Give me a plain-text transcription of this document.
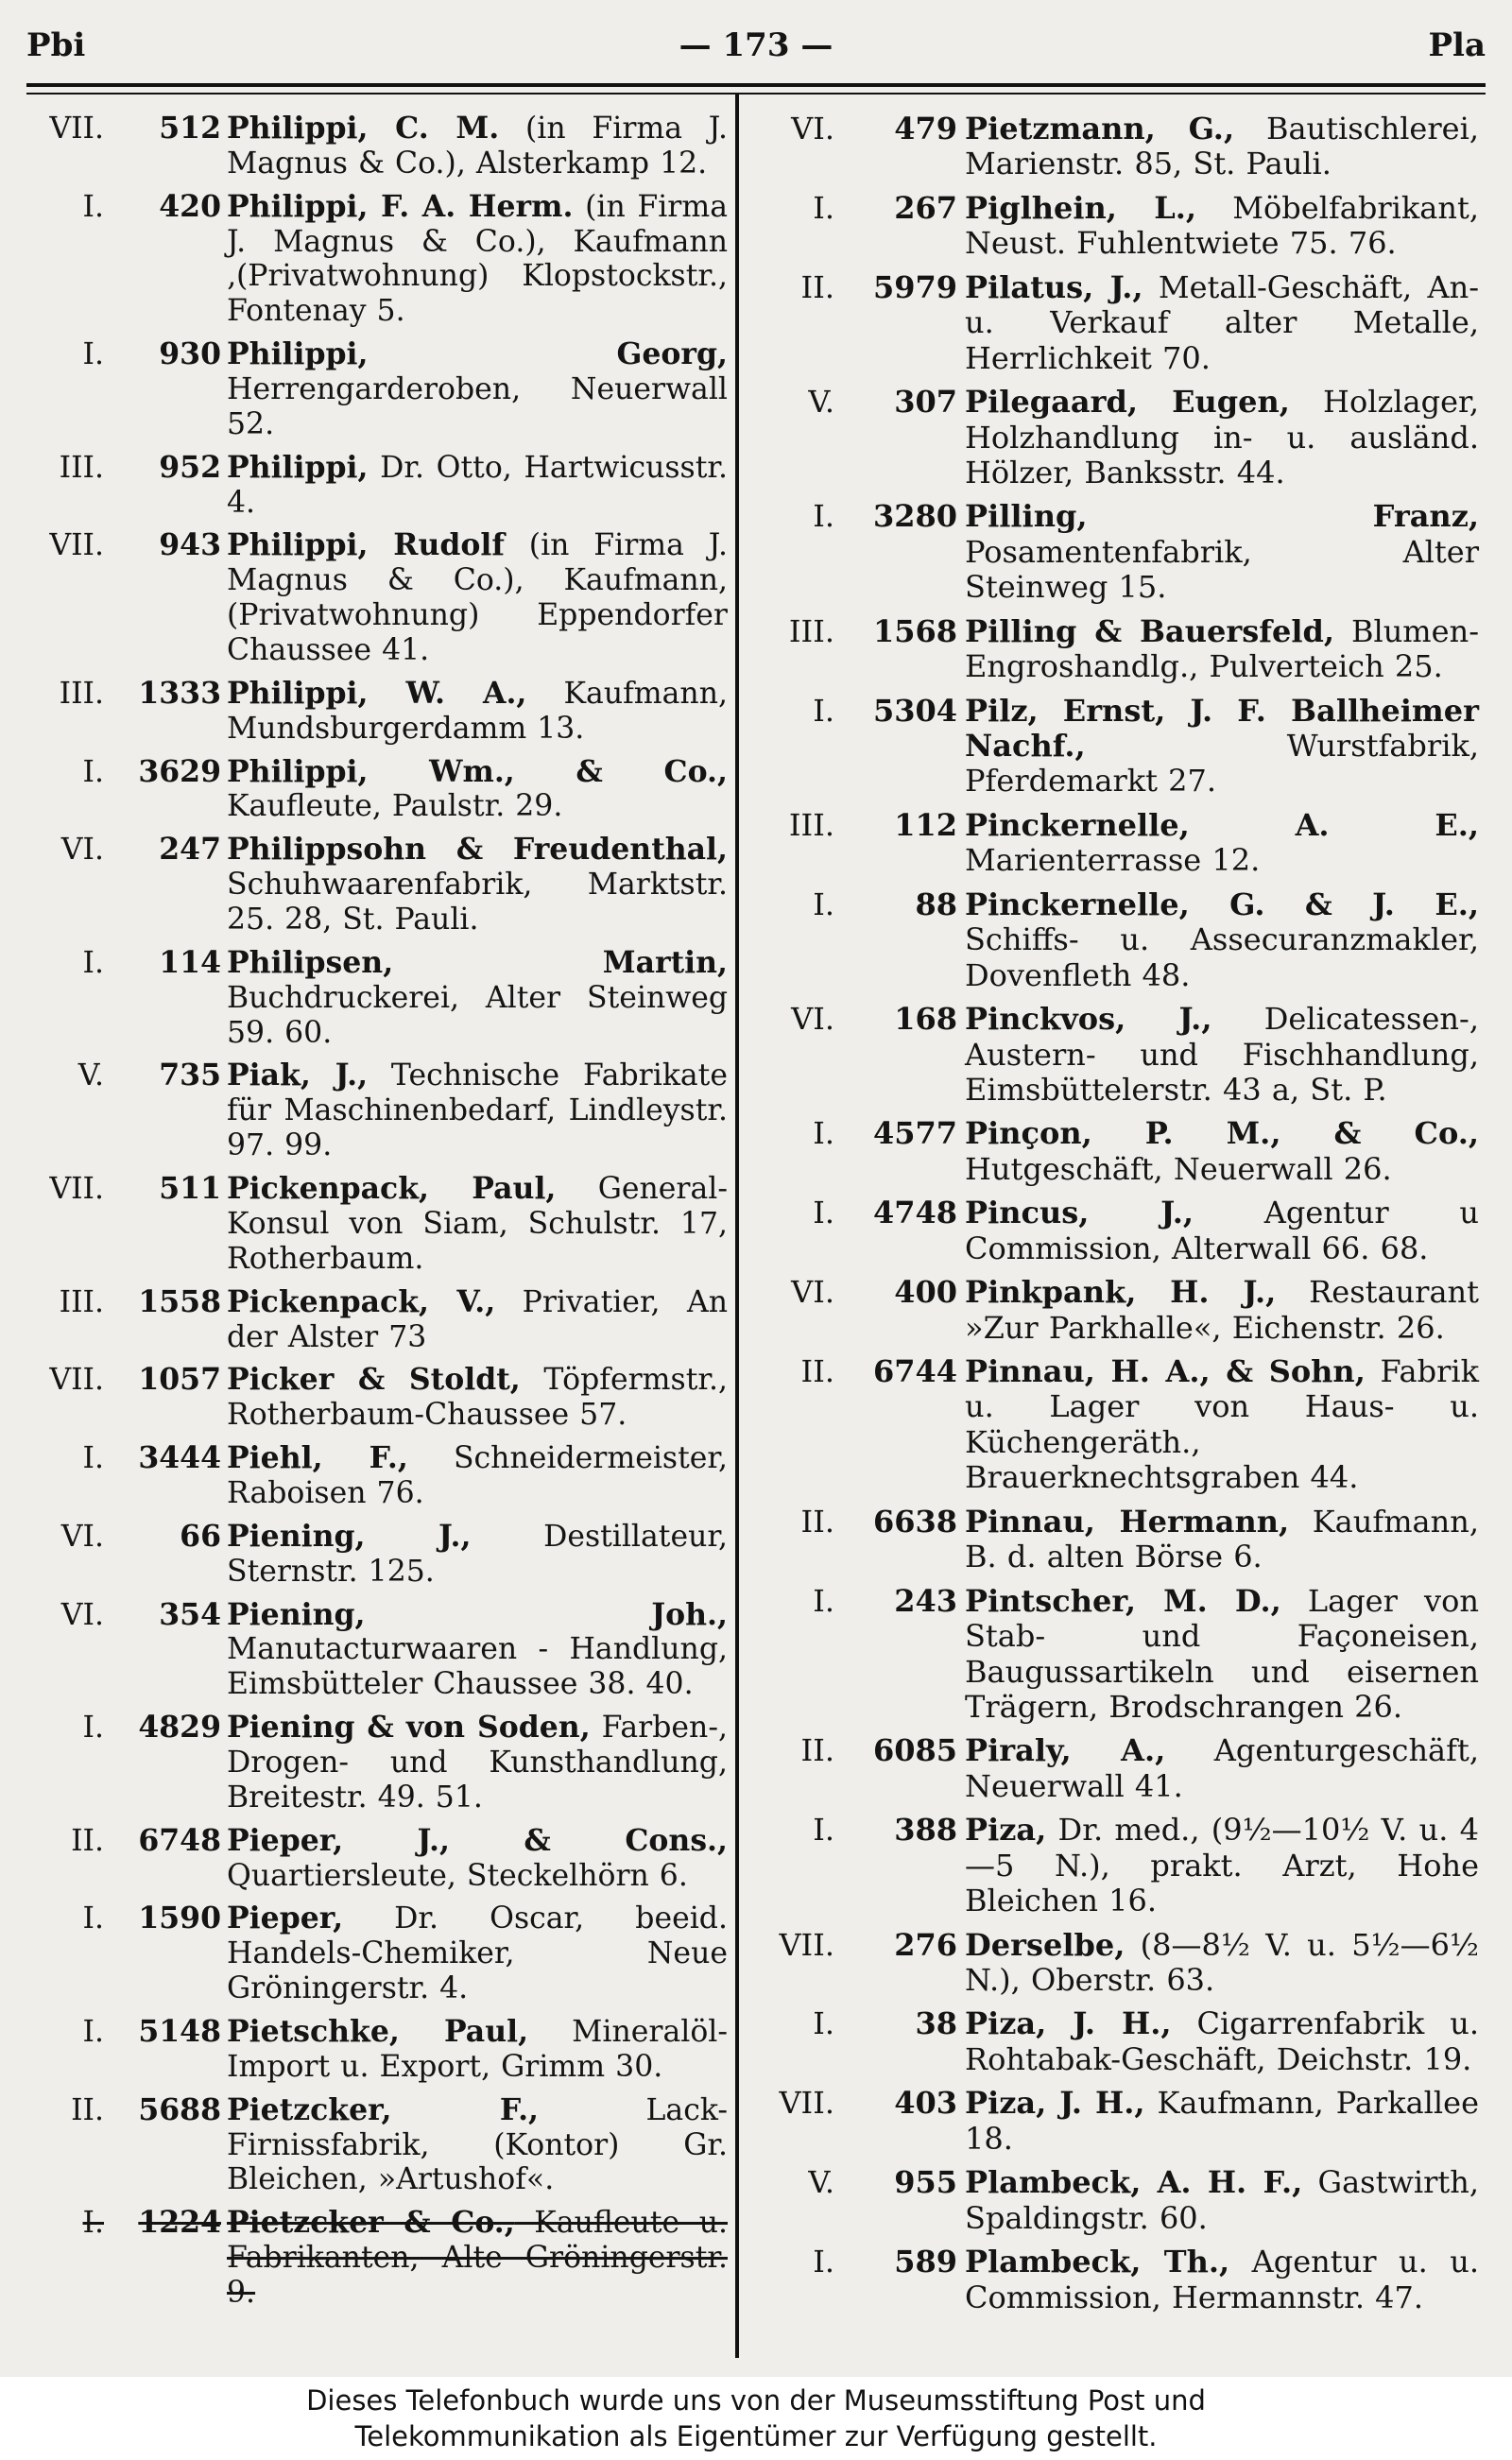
Pbi	— 173 —	Pla
VII.	512 Philippi, C. M. (in Firma J. Magnus & Co.), Alsterkamp 12.
I.	420 Philippi, F. A. Herm. (in Firma J. Magnus & Co.), Kaufmann ‚(Privatwohnung) Klopstockstr., Fontenay 5.
I.	930 Philippi, Georg, Herrengarderoben, Neuerwall 52.
III.	952 Philippi, Dr. Otto, Hartwicusstr. 4.
VII.	943 Philippi, Rudolf (in Firma J. Magnus & Co.), Kaufmann, (Privatwohnung) Eppendorfer Chaussee 41.
III.	1333 Philippi, W. A., Kaufmann, Mundsburgerdamm 13.
I.	3629 Philippi, Wm., & Co., Kaufleute, Paulstr. 29.
VI.	247 Philippsohn & Freudenthal, Schuhwaarenfabrik, Marktstr. 25. 28, St. Pauli.
I.	114 Philipsen, Martin, Buchdruckerei, Alter Steinweg 59. 60.
V.	735 Piak, J., Technische Fabrikate für Maschinenbedarf, Lindleystr. 97. 99.
VII.	511 Pickenpack, Paul, General-Konsul von Siam, Schulstr. 17, Rotherbaum.
III.	1558 Pickenpack, V., Privatier, An der Alster 73
VII.	1057 Picker & Stoldt, Töpfermstr., Rotherbaum-Chaussee 57.
I.	3444 Piehl, F., Schneidermeister, Raboisen 76.
VI.	66 Piening, J., Destillateur, Sternstr. 125.
VI.	354 Piening, Joh., Manutacturwaaren - Handlung, Eimsbütteler Chaussee 38. 40.
I.	4829 Piening & von Soden, Farben-, Drogen- und Kunsthandlung, Breitestr. 49. 51.
II.	6748 Pieper, J., & Cons., Quartiersleute, Steckelhörn 6.
I.	1590 Pieper, Dr. Oscar, beeid. Handels-Chemiker, Neue Gröningerstr. 4.
I.	5148 Pietschke, Paul, Mineralöl-Import u. Export, Grimm 30.
II.	5688 Pietzcker, F., Lack-Firnissfabrik, (Kontor) Gr. Bleichen, »Artushof«.
I.	1224 Pietzcker & Co., Kaufleute u. Fabrikanten, Alte Gröningerstr. 9.
VI.	479 Pietzmann, G., Bautischlerei, Marienstr. 85, St. Pauli.
I.	267 Piglhein, L., Möbelfabrikant, Neust. Fuhlentwiete 75. 76.
II.	5979 Pilatus, J., Metall-Geschäft, An- u. Verkauf alter Metalle, Herrlichkeit 70.
V.	307 Pilegaard, Eugen, Holzlager, Holzhandlung in- u. ausländ. Hölzer, Banksstr. 44.
I.	3280 Pilling, Franz, Posamentenfabrik, Alter Steinweg 15.
III.	1568 Pilling & Bauersfeld, Blumen-Engroshandlg., Pulverteich 25.
I.	5304 Pilz, Ernst, J. F. Ballheimer Nachf., Wurstfabrik, Pferdemarkt 27.
III.	112 Pinckernelle, A. E., Marienterrasse 12.
I.	88 Pinckernelle, G. & J. E., Schiffs- u. Assecuranzmakler, Dovenfleth 48.
VI.	168 Pinckvos, J., Delicatessen-, Austern- und Fischhandlung, Eimsbüttelerstr. 43 a, St. P.
I.	4577 Pinçon, P. M., & Co., Hutgeschäft, Neuerwall 26.
I.	4748 Pincus, J., Agentur u Commission, Alterwall 66. 68.
VI.	400 Pinkpank, H. J., Restaurant »Zur Parkhalle«, Eichenstr. 26.
II.	6744 Pinnau, H. A., & Sohn, Fabrik u. Lager von Haus- u. Küchengeräth., Brauerknechtsgraben 44.
II.	6638 Pinnau, Hermann, Kaufmann, B. d. alten Börse 6.
I.	243 Pintscher, M. D., Lager von Stab- und Façoneisen, Baugussartikeln und eisernen Trägern, Brodschrangen 26.
II.	6085 Piraly, A., Agenturgeschäft, Neuerwall 41.
I.	388 Piza, Dr. med., (9½—10½ V. u. 4—5 N.), prakt. Arzt, Hohe Bleichen 16.
VII.	276 Derselbe, (8—8½ V. u. 5½—6½ N.), Oberstr. 63.
I.	38 Piza, J. H., Cigarrenfabrik u. Rohtabak-Geschäft, Deichstr. 19.
VII.	403 Piza, J. H., Kaufmann, Parkallee 18.
V.	955 Plambeck, A. H. F., Gastwirth, Spaldingstr. 60.
I.	589 Plambeck, Th., Agentur u. u. Commission, Hermannstr. 47.
Dieses Telefonbuch wurde uns von der Museumsstiftung Post und
Telekommunikation als Eigentümer zur Verfügung gestellt.
